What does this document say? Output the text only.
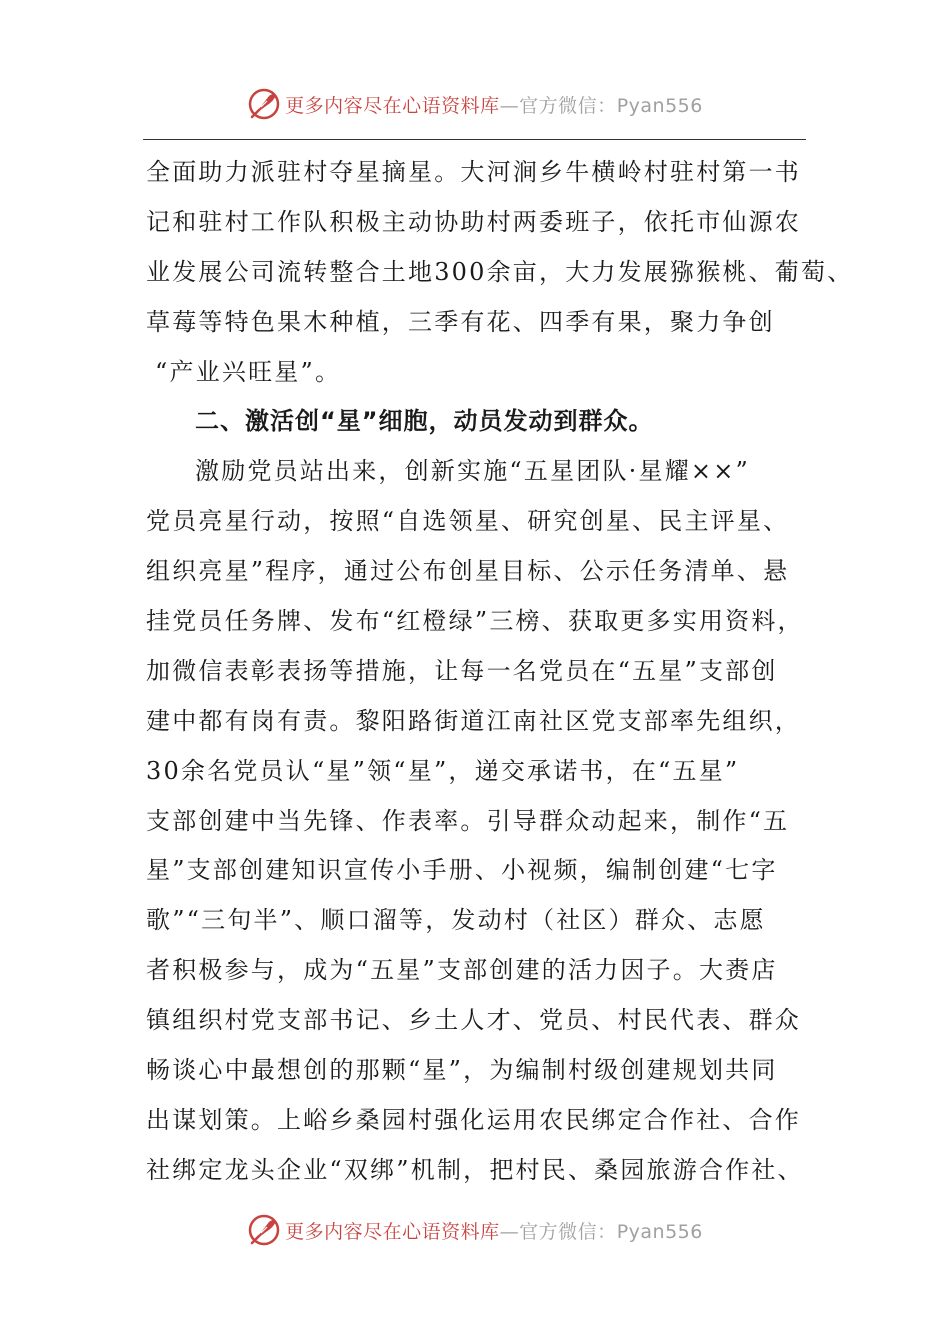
更多内容尽在心语资料库—官方微信：Pyan556
全面助力派驻村夺星摘星。大河涧乡牛横岭村驻村第一书
记和驻村工作队积极主动协助村两委班子，依托市仙源农
业发展公司流转整合土地300余亩，大力发展猕猴桃、葡萄、
草莓等特色果木种植，三季有花、四季有果，聚力争创
“产业兴旺星”。
二、激活创“星”细胞，动员发动到群众。
激励党员站出来，创新实施“五星团队·星耀××”
党员亮星行动，按照“自选领星、研究创星、民主评星、
组织亮星”程序，通过公布创星目标、公示任务清单、悬
挂党员任务牌、发布“红橙绿”三榜、获取更多实用资料，
加微信表彰表扬等措施，让每一名党员在“五星”支部创
建中都有岗有责。黎阳路街道江南社区党支部率先组织，
30余名党员认“星”领“星”，递交承诺书，在“五星”
支部创建中当先锋、作表率。引导群众动起来，制作“五
星”支部创建知识宣传小手册、小视频，编制创建“七字
歌”“三句半”、顺口溜等，发动村（社区）群众、志愿
者积极参与，成为“五星”支部创建的活力因子。大赉店
镇组织村党支部书记、乡土人才、党员、村民代表、群众
畅谈心中最想创的那颗“星”，为编制村级创建规划共同
出谋划策。上峪乡桑园村强化运用农民绑定合作社、合作
社绑定龙头企业“双绑”机制，把村民、桑园旅游合作社、
更多内容尽在心语资料库—官方微信：Pyan556
